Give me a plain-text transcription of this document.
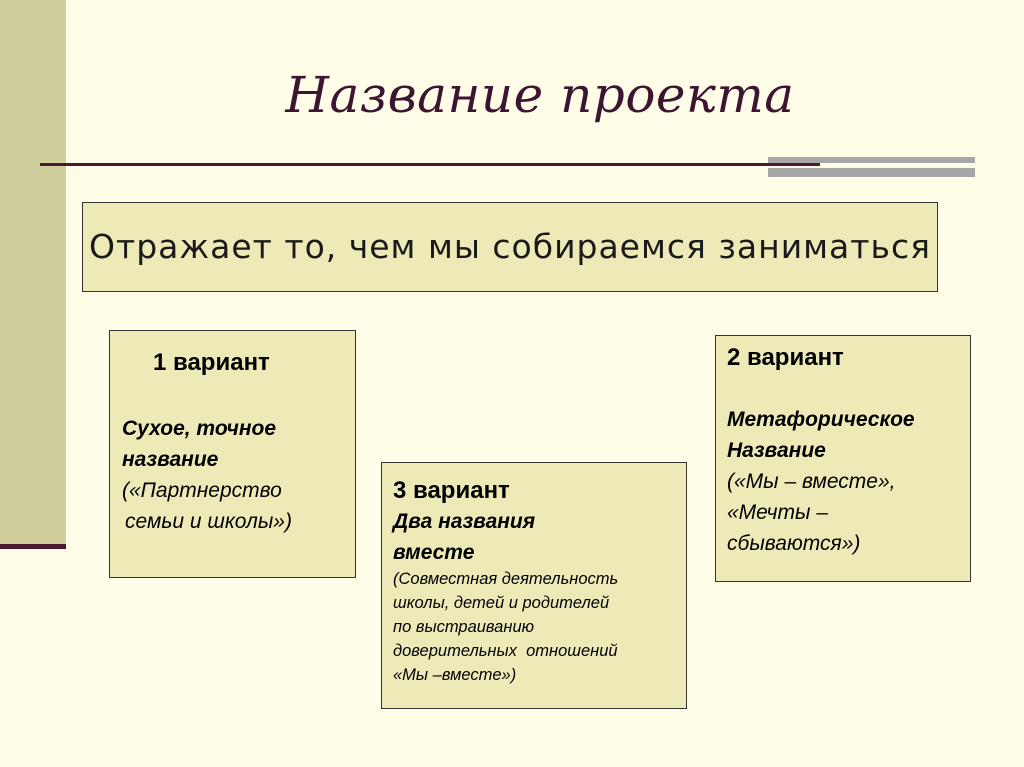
Название проекта
Отражает то, чем мы собираемся заниматься
1 вариант
Сухое, точное
название
(«Партнерство
семьи и школы»)
2 вариант
Метафорическое
Название
(«Мы – вместе»,
«Мечты –
сбываются»)
3 вариант
Два названия
вместе
(Совместная деятельность
школы, детей и родителей
по выстраиванию
доверительных  отношений
«Мы –вместе»)
